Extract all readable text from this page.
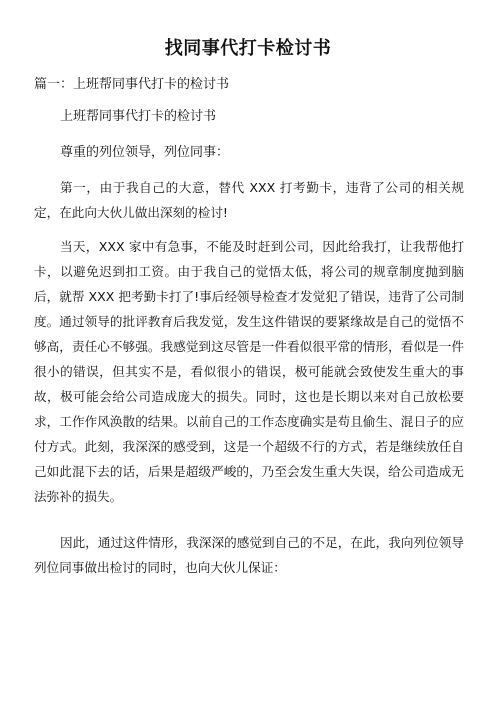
找同事代打卡检讨书

篇一：上班帮同事代打卡的检讨书

上班帮同事代打卡的检讨书

尊重的列位领导，列位同事：

第一，由于我自己的大意，替代 XXX 打考勤卡，违背了公司的相关规定，在此向大伙儿做出深刻的检讨!

当天，XXX 家中有急事，不能及时赶到公司，因此给我打，让我帮他打卡，以避免迟到扣工资。由于我自己的觉悟太低，将公司的规章制度抛到脑后，就帮 XXX 把考勤卡打了!事后经领导检查才发觉犯了错误，违背了公司制度。通过领导的批评教育后我发觉，发生这件错误的要紧缘故是自己的觉悟不够高，责任心不够强。我感觉到这尽管是一件看似很平常的情形，看似是一件很小的错误，但其实不是，看似很小的错误，极可能就会致使发生重大的事故，极可能会给公司造成庞大的损失。同时，这也是长期以来对自己放松要求，工作作风涣散的结果。以前自己的工作态度确实是苟且偷生、混日子的应付方式。此刻，我深深的感受到，这是一个超级不行的方式，若是继续放任自己如此混下去的话，后果是超级严峻的，乃至会发生重大失误，给公司造成无法弥补的损失。

因此，通过这件情形，我深深的感觉到自己的不足，在此，我向列位领导列位同事做出检讨的同时，也向大伙儿保证：
